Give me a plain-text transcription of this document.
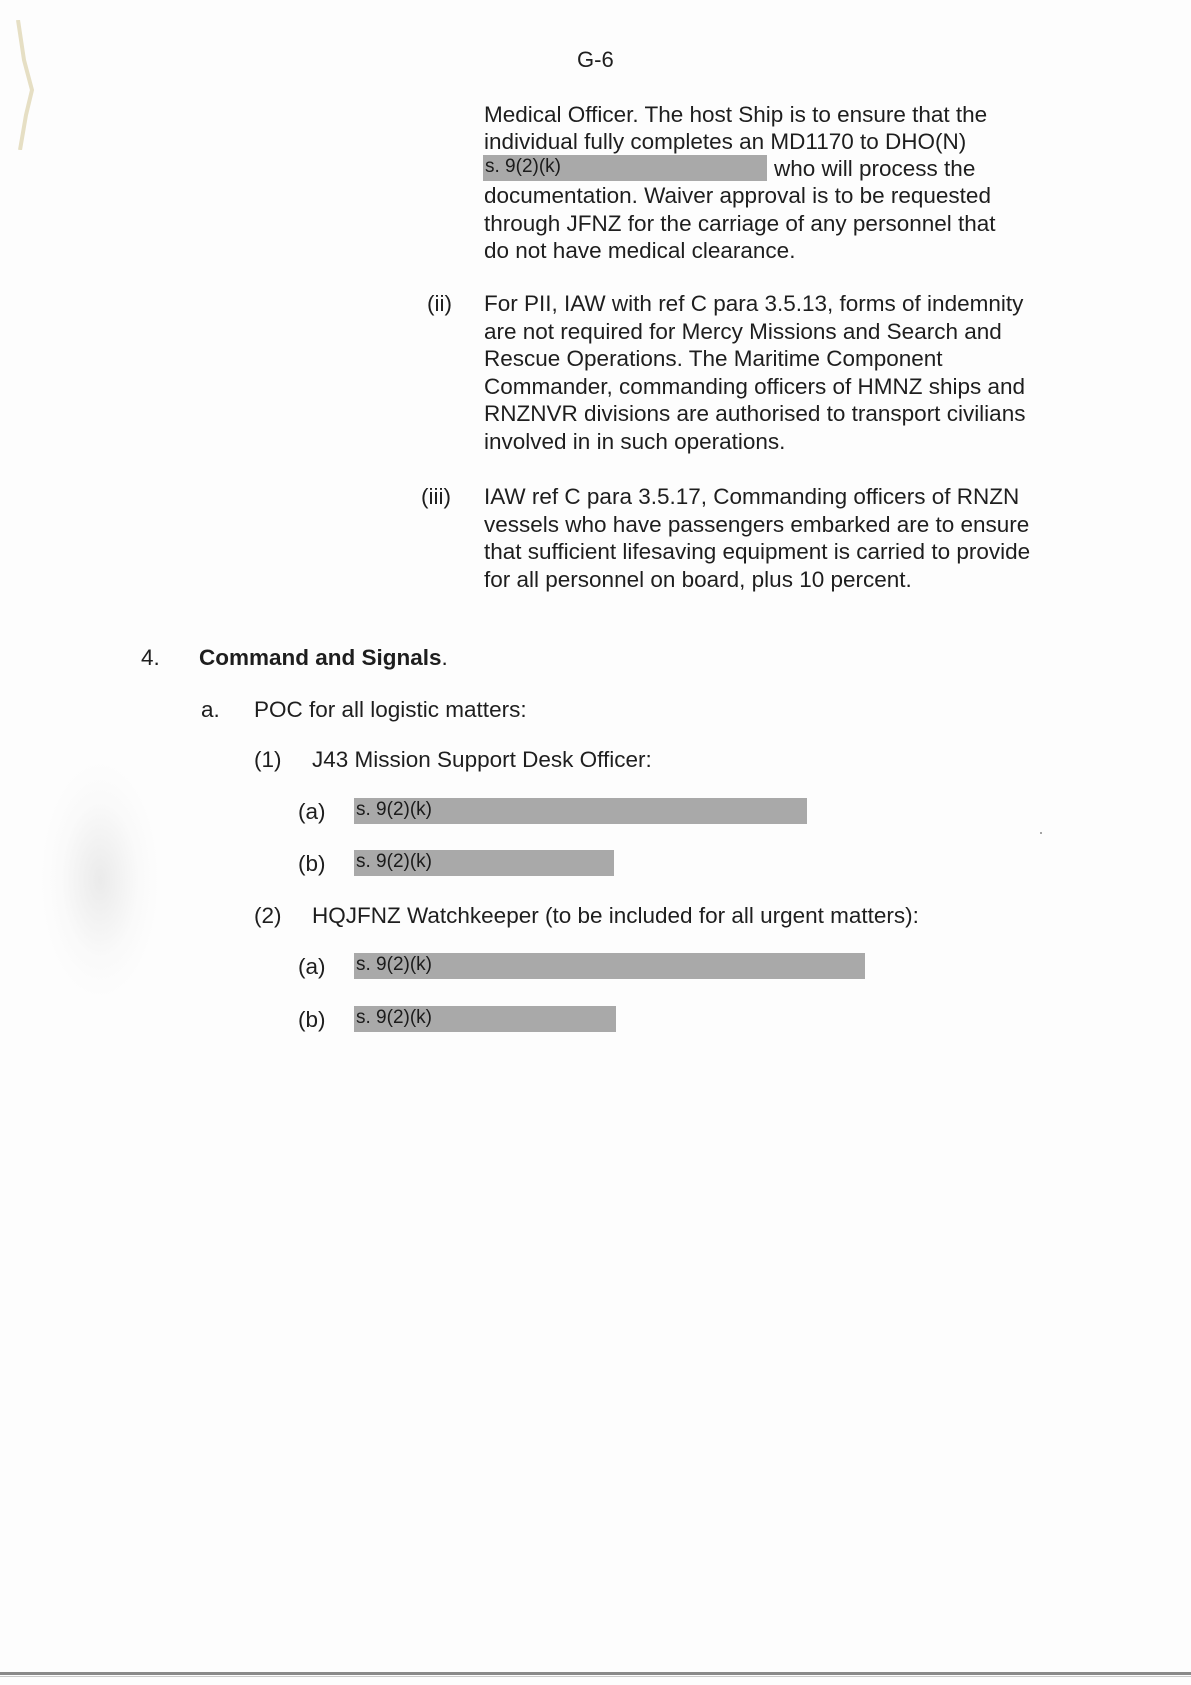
G-6
Medical Officer. The host Ship is to ensure that the
individual fully completes an MD1170 to DHO(N)
s. 9(2)(k)	who will process the
documentation. Waiver approval is to be requested
through JFNZ for the carriage of any personnel that
do not have medical clearance.
(ii) For PII, IAW with ref C para 3.5.13, forms of indemnity are not required for Mercy Missions and Search and Rescue Operations. The Maritime Component Commander, commanding officers of HMNZ ships and RNZNVR divisions are authorised to transport civilians involved in in such operations.
(iii) IAW ref C para 3.5.17, Commanding officers of RNZN vessels who have passengers embarked are to ensure that sufficient lifesaving equipment is carried to provide for all personnel on board, plus 10 percent.
4. Command and Signals.
a. POC for all logistic matters:
(1) J43 Mission Support Desk Officer:
(a) s. 9(2)(k)
(b) s. 9(2)(k)
(2) HQJFNZ Watchkeeper (to be included for all urgent matters):
(a) s. 9(2)(k)
(b) s. 9(2)(k)
